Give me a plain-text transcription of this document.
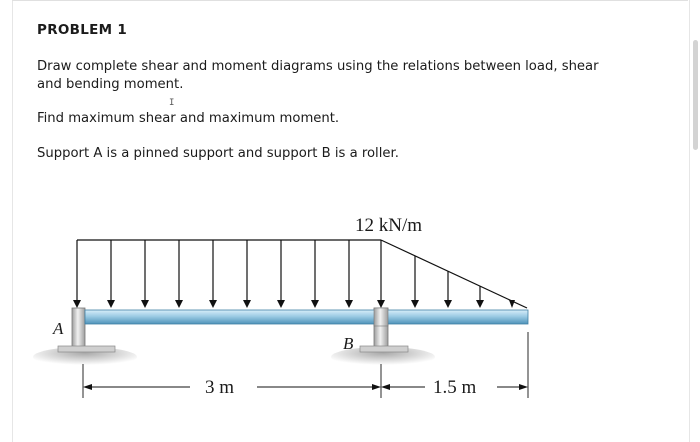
PROBLEM 1
Draw complete shear and moment diagrams using the relations between load, shear and bending moment.
I
Find maximum shear and maximum moment.
Support A is a pinned support and support B is a roller.
12 kN/m
A
B
3 m	1.5 m
